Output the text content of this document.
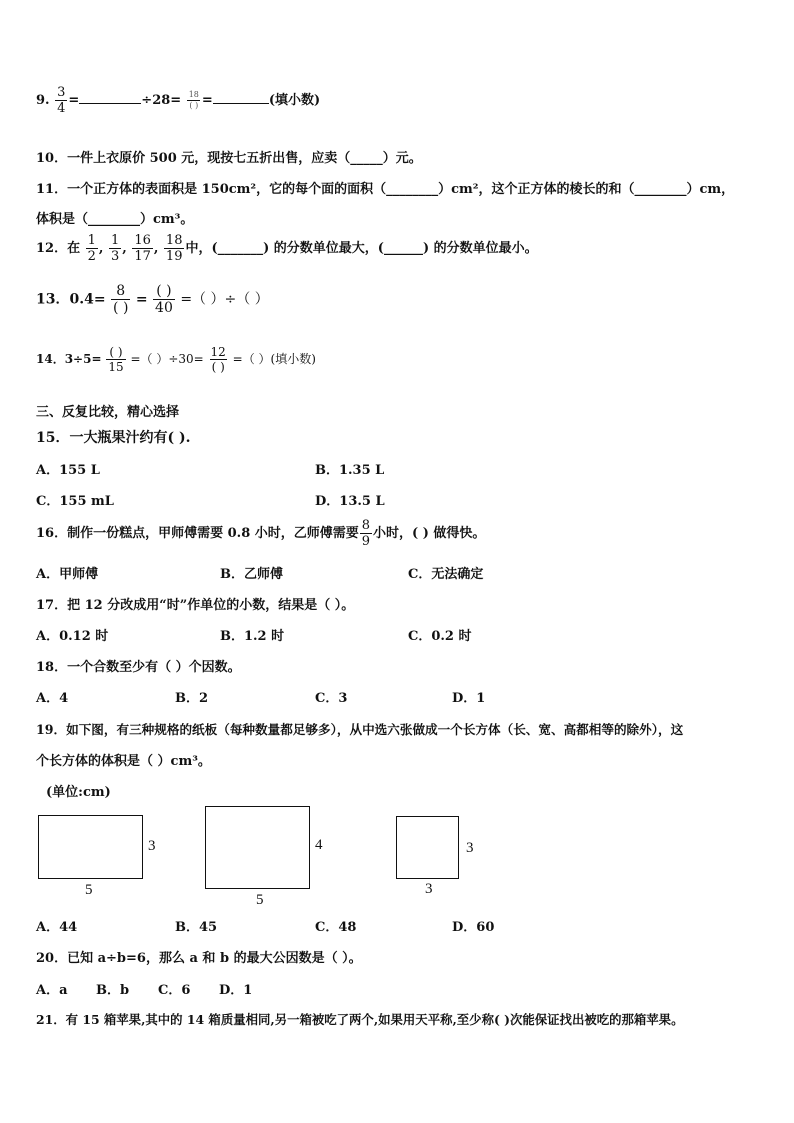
9. $\frac{3}{4}$ =	$\div 28= \frac{18}{( )}$ =	(填小数)
10．一件上衣原价 500 元，现按七五折出售，应卖（_____）元。
11．一个正方体的表面积是 150cm²，它的每个面的面积（________）cm²，这个正方体的棱长的和（________）cm，
体积是（________）cm³。
12．在 $\frac{1}{2}$ , $\frac{1}{3}$ , $\frac{16}{17}$ , $\frac{18}{19}$ 中，(_______) 的分数单位最大，(______) 的分数单位最小。
13．$0.4= \frac{8}{( )} = \frac{( )}{40}$ =（ ）÷（ ）
14．$3\div 5= \frac{( )}{15}$ =（ ）$\div 30= \frac{12}{( )}$ =（ ）(填小数)
三、反复比较，精心选择
15．一大瓶果汁约有( ).
A．155 L	B．1.35 L
C．155 mL	D．13.5 L
16．制作一份糕点，甲师傅需要 0.8 小时，乙师傅需要 $\frac{8}{9}$ 小时，( ) 做得快。
A．甲师傅	B．乙师傅	C．无法确定
17．把 12 分改成用“时”作单位的小数，结果是（ ）。
A．0.12 时	B．1.2 时	C．0.2 时
18．一个合数至少有（ ）个因数。
A．4	B．2	C．3	D．1
19．如下图，有三种规格的纸板（每种数量都足够多），从中选六张做成一个长方体（长、宽、高都相等的除外），这
个长方体的体积是（ ）cm³。
(单位:cm)
3
5
4
5
3
3
A．44	B．45	C．48	D．60
20．已知 a÷b=6，那么 a 和 b 的最大公因数是（ ）。
A．a B．b C．6 D．1
21．有 15 箱苹果,其中的 14 箱质量相同,另一箱被吃了两个,如果用天平称,至少称( )次能保证找出被吃的那箱苹果。
